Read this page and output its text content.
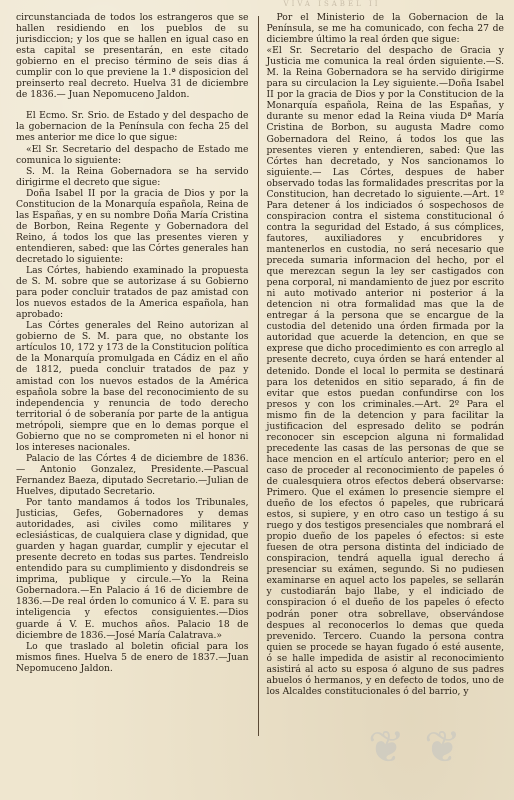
VIVA ISABEL II

circunstanciada de todos los estrangeros que se hallen residiendo en los pueblos de su jurisdiccion; y los que se hallen en igual caso en esta capital se presentarán, en este citado gobierno en el preciso término de seis dias á cumplir con lo que previene la 1.ª disposicion del preinserto real decreto. Huelva 31 de diciembre de 1836.— Juan Nepomuceno Jaldon.

El Ecmo. Sr. Srio. de Estado y del despacho de la gobernacion de la Península con fecha 25 del mes anterior me dice lo que sigue:

«El Sr. Secretario del despacho de Estado me comunica lo siguiente:

S. M. la Reina Gobernadora se ha servido dirigirme el decreto que sigue:

Doña Isabel II por la gracia de Dios y por la Constitucion de la Monarquía española, Reina de las Españas, y en su nombre Doña María Cristina de Borbon, Reina Regente y Gobernadora del Reino, á todos los que las presentes vieren y entendieren, sabed: que las Córtes generales han decretado lo siguiente:

Las Córtes, habiendo examinado la propuesta de S. M. sobre que se autorizase á su Gobierno para poder concluir tratados de paz amistad con los nuevos estados de la America española, han aprobado:

Las Córtes generales del Reino autorizan al gobierno de S. M. para que, no obstante los artículos 10, 172 y 173 de la Constitucion política de la Monarquía promulgada en Cádiz en el año de 1812, pueda concluir tratados de paz y amistad con los nuevos estados de la América española sobre la base del reconocimiento de su independencia y renuncia de todo derecho territorial ó de soberanía por parte de la antigua metrópoli, siempre que en lo demas porque el Gobierno que no se comprometen ni el honor ni los intereses nacionales.

Palacio de las Córtes 4 de diciembre de 1836.— Antonio Gonzalez, Presidente.—Pascual Fernandez Baeza, diputado Secretario.—Julian de Huelves, diputado Secretario.

Por tanto mandamos á todos los Tribunales, Justicias, Gefes, Gobernadores y demas autoridades, asi civiles como militares y eclesiásticas, de cualquiera clase y dignidad, que guarden y hagan guardar, cumplir y ejecutar el presente decreto en todas sus partes. Tendreislo entendido para su cumplimiento y disdondreis se imprima, publique y circule.—Yo la Reina Gobernadora.—En Palacio á 16 de diciembre de 1836.—De real órden lo comunico á V. E. para su inteligencia y efectos consiguientes.—Dios guarde á V. E. muchos años. Palacio 18 de diciembre de 1836.—José María Calatrava.»

Lo que traslado al boletin oficial para los mismos fines. Huelva 5 de enero de 1837.—Juan Nepomuceno Jaldon.

Por el Ministerio de la Gobernacion de la Península, se me ha comunicado, con fecha 27 de diciembre último la real órden que sigue:

«El Sr. Secretario del despacho de Gracia y Justicia me comunica la real órden siguiente.—S. M. la Reina Gobernadora se ha servido dirigirme para su circulacion la Ley siguiente.—Doña Isabel II por la gracia de Dios y por la Constitucion de la Monarquía española, Reina de las Españas, y durante su menor edad la Reina viuda Dª María Cristina de Borbon, su augusta Madre como Gobernadora del Reino, á todos los que las presentes vieren y entendieren, sabed: Que las Córtes han decretado, y Nos sancionamos lo siguiente.— Las Córtes, despues de haber observado todas las formalidades prescritas por la Constitucion, han decretado lo siguiente.—Art. 1º Para detener á los indiciados ó sospechosos de conspiracion contra el sistema constitucional ó contra la seguridad del Estado, á sus cómplices, fautores, auxiliadores y encubridores y mantenerlos en custodia, no será necesario que preceda sumaria informacion del hecho, por el que merezcan segun la ley ser castigados con pena corporal, ni mandamiento de juez por escrito ni auto motivado anterior ni posterior á la detencion ni otra formalidad mas que la de entregar á la persona que se encargue de la custodia del detenido una órden firmada por la autoridad que acuerde la detencion, en que se exprese que dicho procedimiento es con arreglo al presente decreto, cuya órden se hará entender al detenido. Donde el local lo permita se destinará para los detenidos en sitio separado, á fin de evitar que estos puedan confundirse con los presos y con los criminales.—Art. 2º Para el mismo fin de la detencion y para facilitar la justificacion del espresado delito se podrán reconocer sin escepcion alguna ni formalidad precedente las casas de las personas de que se hace mencion en el artículo anterior; pero en el caso de proceder al reconocimiento de papeles ó de cualesquiera otros efectos deberá observarse: Primero. Que el exámen lo presencie siempre el dueño de los efectos ó papeles, que rubricará estos, si supiere, y en otro caso un testigo á su ruego y dos testigos presenciales que nombrará el propio dueño de los papeles ó efectos: si este fuesen de otra persona distinta del indiciado de conspiracion, tendrá aquella igual derecho á presenciar su exámen, segundo. Si no pudiesen examinarse en aquel acto los papeles, se sellarán y custodiarán bajo llabe, y el indiciado de conspiracion ó el dueño de los papeles ó efecto podrán poner otra sobrellave, observándose despues al reconocerlos lo demas que queda prevenido. Tercero. Cuando la persona contra quien se procede se hayan fugado ó esté ausente, ó se halle impedida de asistir al reconocimiento asistirá al acto su esposa ó alguno de sus padres abuelos ó hermanos, y en defecto de todos, uno de los Alcaldes constitucionales ó del barrio, y

❦ ❦
